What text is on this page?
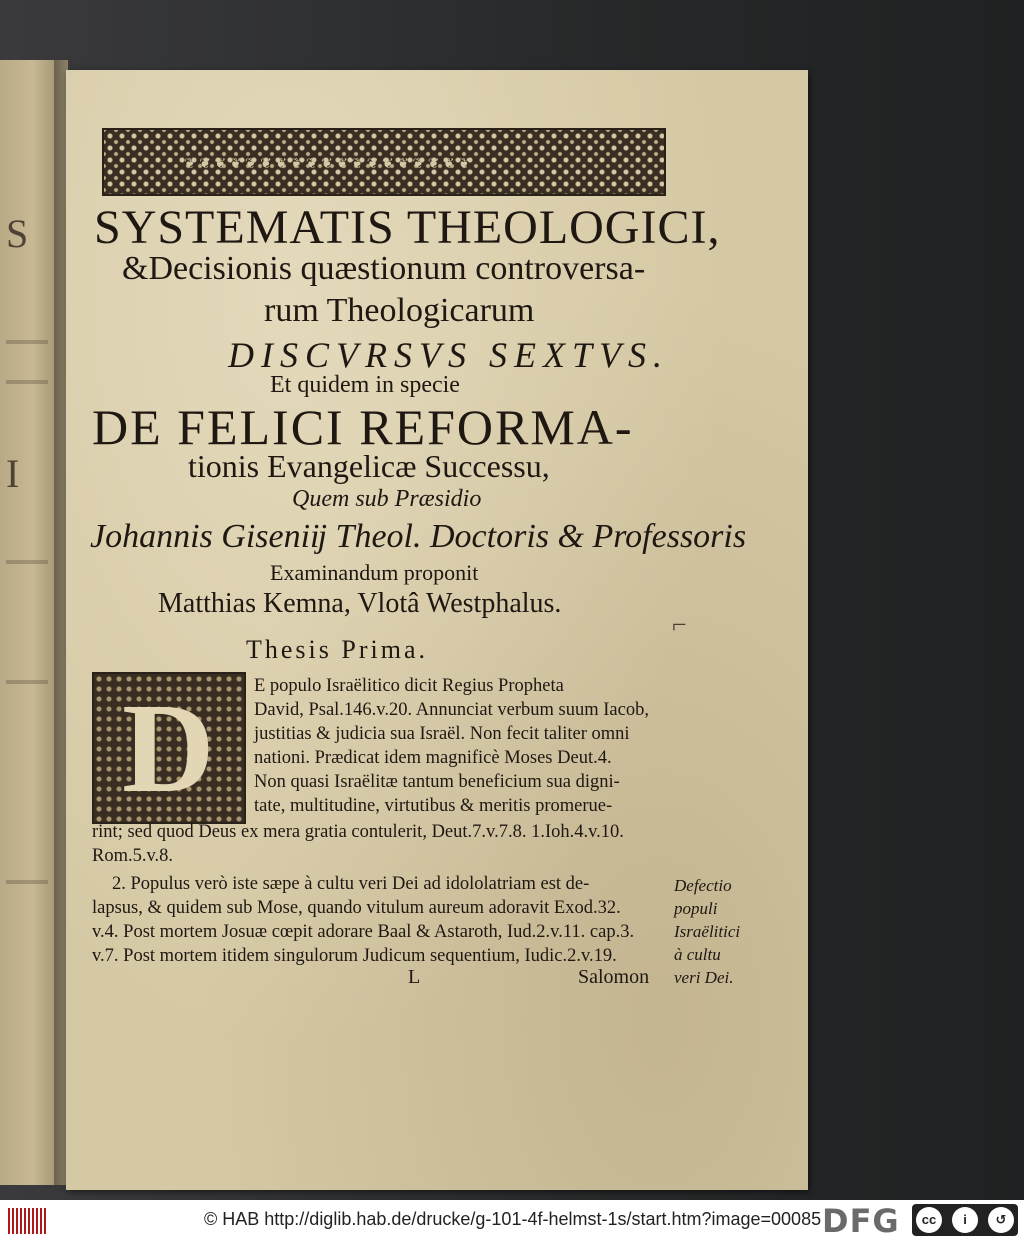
S
I
❦ ❦ ❦ ❦ ❦ ❦ ❦ ❦ ❦ ❦ ❦ ❦ ❦ ❦ ❦ ❦ ❦ ❦ ❦

SYSTEMATIS THEOLOGICI,

&Decisionis quæstionum controversa-

rum Theologicarum

DISCVRSVS SEXTVS.

Et quidem in specie

DE FELICI REFORMA-

tionis Evangelicæ Successu,

Quem sub Præsidio

Johannis Giseniĳ Theol. Doctoris & Professoris

Examinandum proponit

Matthias Kemna, Vlotâ Westphalus.

Thesis Prima.

⌐

D E populo Israëlitico dicit Regius Propheta

David, Psal.146.v.20. Annunciat verbum suum Iacob,

justitias & judicia sua Israël. Non fecit taliter omni

nationi. Prædicat idem magnificè Moses Deut.4.

Non quasi Israëlitæ tantum beneficium sua digni-

tate, multitudine, virtutibus & meritis promerue-

rint; sed quod Deus ex mera gratia contulerit, Deut.7.v.7.8. 1.Ioh.4.v.10.

Rom.5.v.8.

2. Populus verò iste sæpe à cultu veri Dei ad idololatriam est de-

lapsus, & quidem sub Mose, quando vitulum aureum adoravit Exod.32.

v.4. Post mortem Josuæ cœpit adorare Baal & Astaroth, Iud.2.v.11. cap.3.

v.7. Post mortem itidem singulorum Judicum sequentium, Iudic.2.v.19.

Defectio

populi

Israëlitici

à cultu

veri Dei.

L	Salomon

© HAB http://diglib.hab.de/drucke/g-101-4f-helmst-1s/start.htm?image=00085 DFG	cc	i	↺
